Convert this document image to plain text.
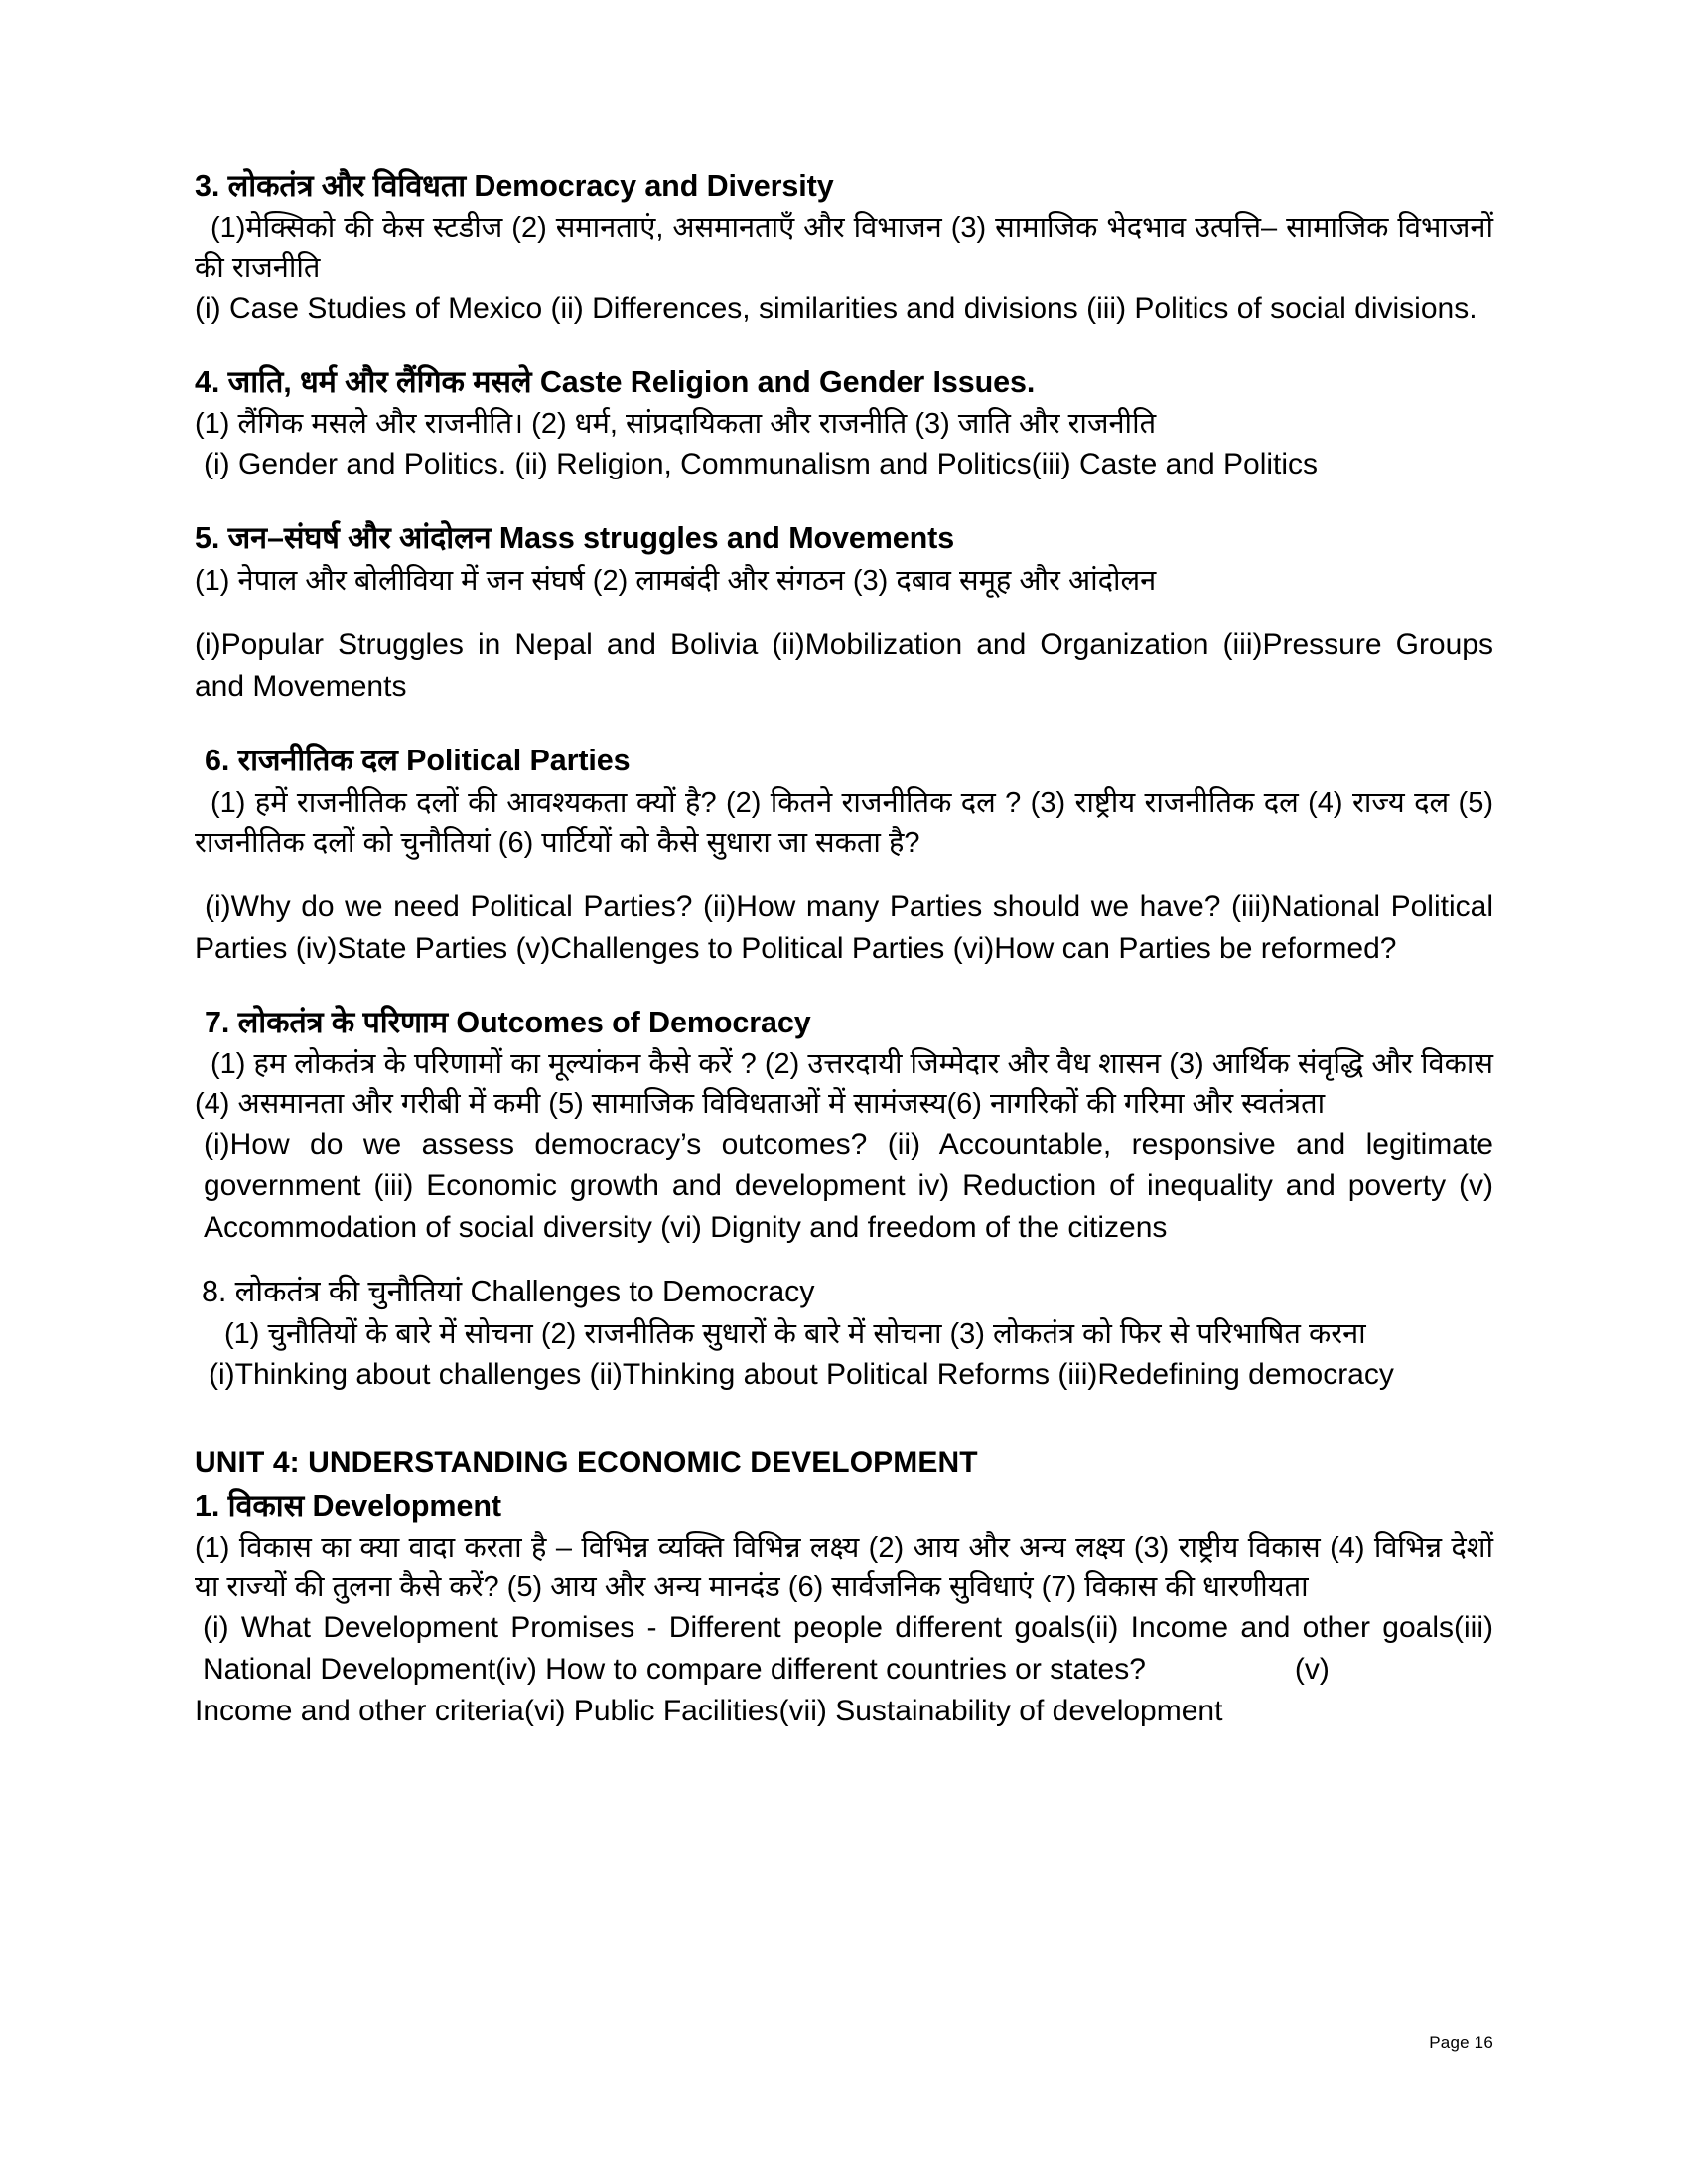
3. लोकतंत्र और विविधता Democracy and Diversity

(1)मेक्सिको की केस स्टडीज (2) समानताएं, असमानताएँ और विभाजन (3) सामाजिक भेदभाव उत्पत्ति– सामाजिक विभाजनों की राजनीति

(i) Case Studies of Mexico (ii) Differences, similarities and divisions (iii) Politics of social divisions.

4. जाति, धर्म और लैंगिक मसले Caste Religion and Gender Issues.

(1) लैंगिक मसले और राजनीति। (2) धर्म, सांप्रदायिकता और राजनीति (3) जाति और राजनीति

(i) Gender and Politics. (ii) Religion, Communalism and Politics(iii) Caste and Politics

5. जन–संघर्ष और आंदोलन Mass struggles and Movements

(1) नेपाल और बोलीविया में जन संघर्ष (2) लामबंदी और संगठन (3) दबाव समूह और आंदोलन

(i)Popular Struggles in Nepal and Bolivia (ii)Mobilization and Organization (iii)Pressure Groups and Movements

6. राजनीतिक दल Political Parties

(1) हमें राजनीतिक दलों की आवश्यकता क्यों है? (2) कितने राजनीतिक दल ? (3) राष्ट्रीय राजनीतिक दल (4) राज्य दल (5) राजनीतिक दलों को चुनौतियां (6) पार्टियों को कैसे सुधारा जा सकता है?

(i)Why do we need Political Parties? (ii)How many Parties should we have? (iii)National Political Parties (iv)State Parties (v)Challenges to Political Parties (vi)How can Parties be reformed?

7. लोकतंत्र के परिणाम Outcomes of Democracy

(1) हम लोकतंत्र के परिणामों का मूल्यांकन कैसे करें ? (2) उत्तरदायी जिम्मेदार और वैध शासन (3) आर्थिक संवृद्धि और विकास (4) असमानता और गरीबी में कमी (5) सामाजिक विविधताओं में सामंजस्य(6) नागरिकों की गरिमा और स्वतंत्रता

(i)How do we assess democracy’s outcomes? (ii) Accountable, responsive and legitimate government (iii) Economic growth and development iv) Reduction of inequality and poverty (v) Accommodation of social diversity (vi) Dignity and freedom of the citizens

8. लोकतंत्र की चुनौतियां Challenges to Democracy

(1) चुनौतियों के बारे में सोचना (2) राजनीतिक सुधारों के बारे में सोचना (3) लोकतंत्र को फिर से परिभाषित करना

(i)Thinking about challenges (ii)Thinking about Political Reforms (iii)Redefining democracy

UNIT 4: UNDERSTANDING ECONOMIC DEVELOPMENT

1. विकास Development

(1) विकास का क्या वादा करता है – विभिन्न व्यक्ति विभिन्न लक्ष्य (2) आय और अन्य लक्ष्य (3) राष्ट्रीय विकास (4) विभिन्न देशों या राज्यों की तुलना कैसे करें? (5) आय और अन्य मानदंड (6) सार्वजनिक सुविधाएं (7) विकास की धारणीयता

(i) What Development Promises - Different people different goals(ii) Income and other goals(iii) National Development(iv) How to compare different countries or states?	(v)

Income and other criteria(vi) Public Facilities(vii) Sustainability of development

Page 16
